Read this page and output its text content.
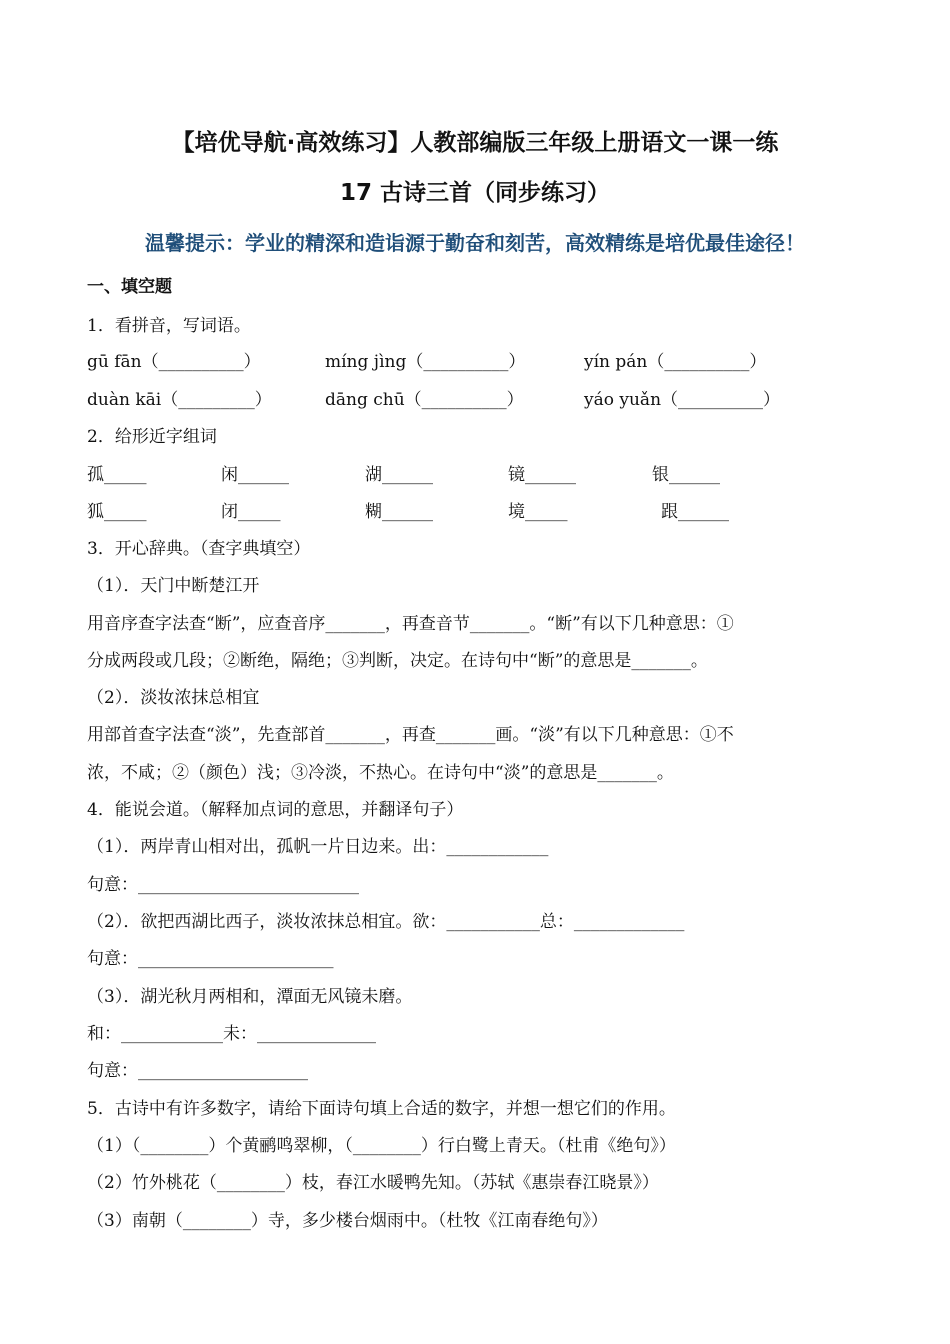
【培优导航·高效练习】人教部编版三年级上册语文一课一练
17 古诗三首（同步练习）
温馨提示：学业的精深和造诣源于勤奋和刻苦，高效精练是培优最佳途径！
一、填空题
1．看拼音，写词语。
gū fān（__________）	míng jìng（__________）	yín pán（__________）
duàn kāi（_________）	dāng chū（__________）	yáo yuǎn（__________）
2．给形近字组词
孤_____	闲______	湖______	镜______	银______
狐_____	闭_____	糊______	境_____	跟______
3．开心辞典。（查字典填空）
（1）．天门中断楚江开
用音序查字法查“断”，应查音序_______，再查音节_______。“断”有以下几种意思：①
分成两段或几段；②断绝，隔绝；③判断，决定。在诗句中“断”的意思是_______。
（2）．淡妆浓抹总相宜
用部首查字法查“淡”，先查部首_______，再查_______画。“淡”有以下几种意思：①不
浓，不咸；②（颜色）浅；③冷淡，不热心。在诗句中“淡”的意思是_______。
4．能说会道。（解释加点词的意思，并翻译句子）
（1）．两岸青山相对出，孤帆一片日边来。出：____________
句意：__________________________
（2）．欲把西湖比西子，淡妆浓抹总相宜。欲：___________总：_____________
句意：_______________________
（3）．湖光秋月两相和，潭面无风镜未磨。
和：____________未：______________
句意：____________________
5．古诗中有许多数字，请给下面诗句填上合适的数字，并想一想它们的作用。
（1）（________）个黄鹂鸣翠柳，（________）行白鹭上青天。（杜甫《绝句》）
（2）竹外桃花（________）枝，春江水暖鸭先知。（苏轼《惠崇春江晓景》）
（3）南朝（________）寺，多少楼台烟雨中。（杜牧《江南春绝句》）
